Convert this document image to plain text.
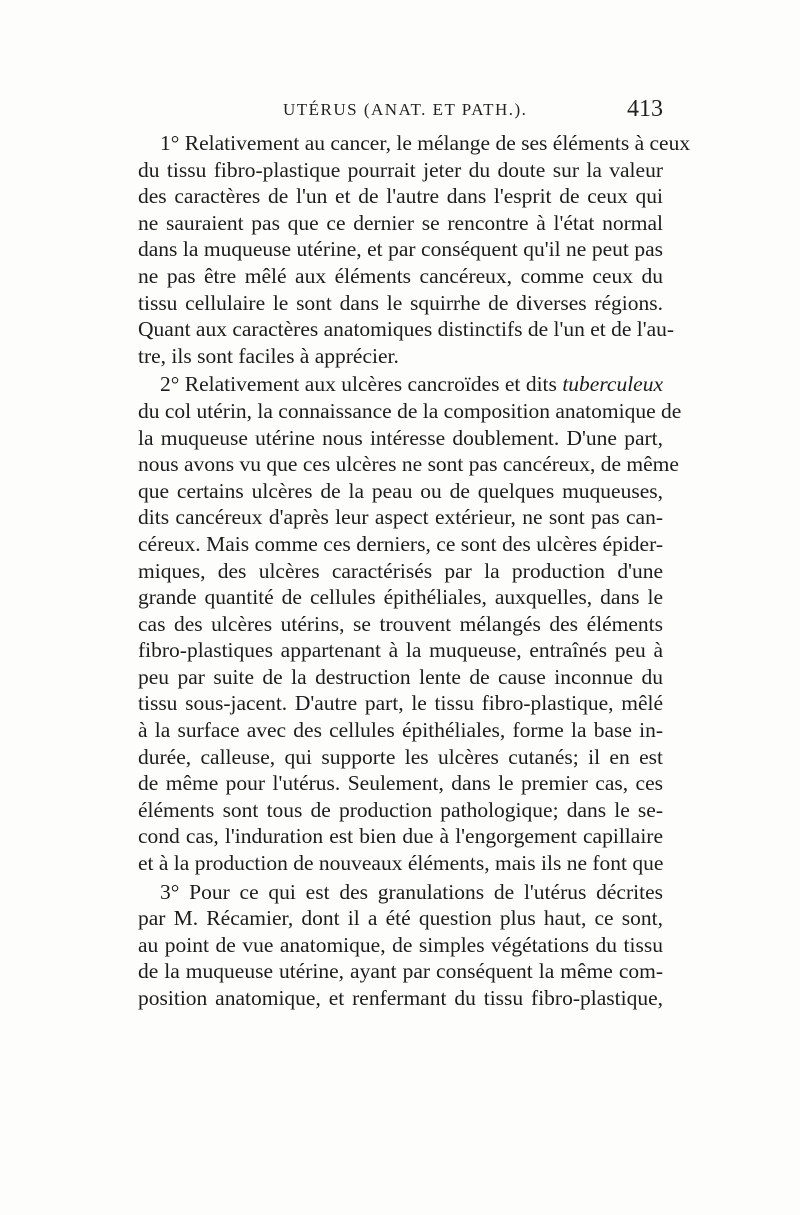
UTÉRUS (ANAT. ET PATH.).	413
1° Relativement au cancer, le mélange de ses éléments à ceux
du tissu fibro-plastique pourrait jeter du doute sur la valeur
des caractères de l'un et de l'autre dans l'esprit de ceux qui
ne sauraient pas que ce dernier se rencontre à l'état normal
dans la muqueuse utérine, et par conséquent qu'il ne peut pas
ne pas être mêlé aux éléments cancéreux, comme ceux du
tissu cellulaire le sont dans le squirrhe de diverses régions.
Quant aux caractères anatomiques distinctifs de l'un et de l'au-
tre, ils sont faciles à apprécier.
2° Relativement aux ulcères cancroïdes et dits tuberculeux
du col utérin, la connaissance de la composition anatomique de
la muqueuse utérine nous intéresse doublement. D'une part,
nous avons vu que ces ulcères ne sont pas cancéreux, de même
que certains ulcères de la peau ou de quelques muqueuses,
dits cancéreux d'après leur aspect extérieur, ne sont pas can-
céreux. Mais comme ces derniers, ce sont des ulcères épider-
miques, des ulcères caractérisés par la production d'une
grande quantité de cellules épithéliales, auxquelles, dans le
cas des ulcères utérins, se trouvent mélangés des éléments
fibro-plastiques appartenant à la muqueuse, entraînés peu à
peu par suite de la destruction lente de cause inconnue du
tissu sous-jacent. D'autre part, le tissu fibro-plastique, mêlé
à la surface avec des cellules épithéliales, forme la base in-
durée, calleuse, qui supporte les ulcères cutanés; il en est
de même pour l'utérus. Seulement, dans le premier cas, ces
éléments sont tous de production pathologique; dans le se-
cond cas, l'induration est bien due à l'engorgement capillaire
et à la production de nouveaux éléments, mais ils ne font que
3° Pour ce qui est des granulations de l'utérus décrites
par M. Récamier, dont il a été question plus haut, ce sont,
au point de vue anatomique, de simples végétations du tissu
de la muqueuse utérine, ayant par conséquent la même com-
position anatomique, et renfermant du tissu fibro-plastique,
